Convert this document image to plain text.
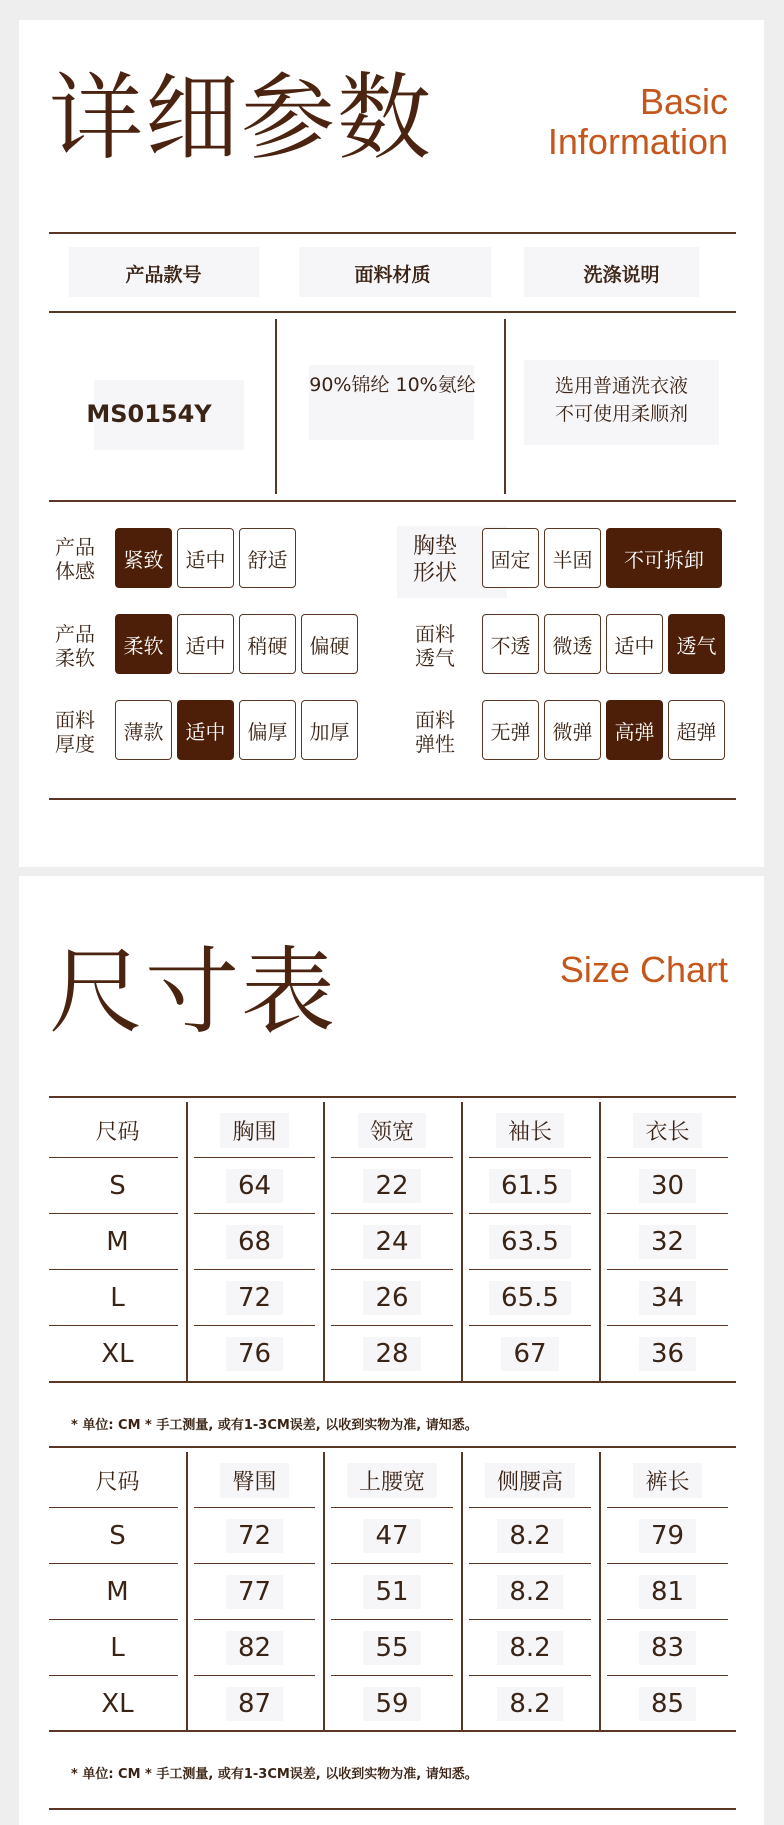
详细参数	Basic
Information
产品款号	面料材质	洗涤说明
MS0154Y
90%锦纶 10%氨纶	选用普通洗衣液
不可使用柔顺剂
产品
体感	紧致	适中	舒适
产品
柔软
柔软	适中	稍硬	偏硬
面料
厚度
薄款	适中	偏厚	加厚
胸垫
形状
固定	半固	不可拆卸
面料
透气
不透	微透	适中	透气
面料
弹性
无弹	微弹	高弹	超弹
尺寸表	Size Chart
尺码	胸围	领宽	袖长	衣长
S	64	22	61.5	30
M	68	24	63.5	32
L	72	26	65.5	34
XL	76	28	67	36
* 单位: CM * 手工测量, 或有1-3CM误差, 以收到实物为准, 请知悉。
尺码	臀围	上腰宽	侧腰高	裤长
S	72	47	8.2	79
M	77	51	8.2	81
L	82	55	8.2	83
XL	87	59	8.2	85
* 单位: CM * 手工测量, 或有1-3CM误差, 以收到实物为准, 请知悉。
